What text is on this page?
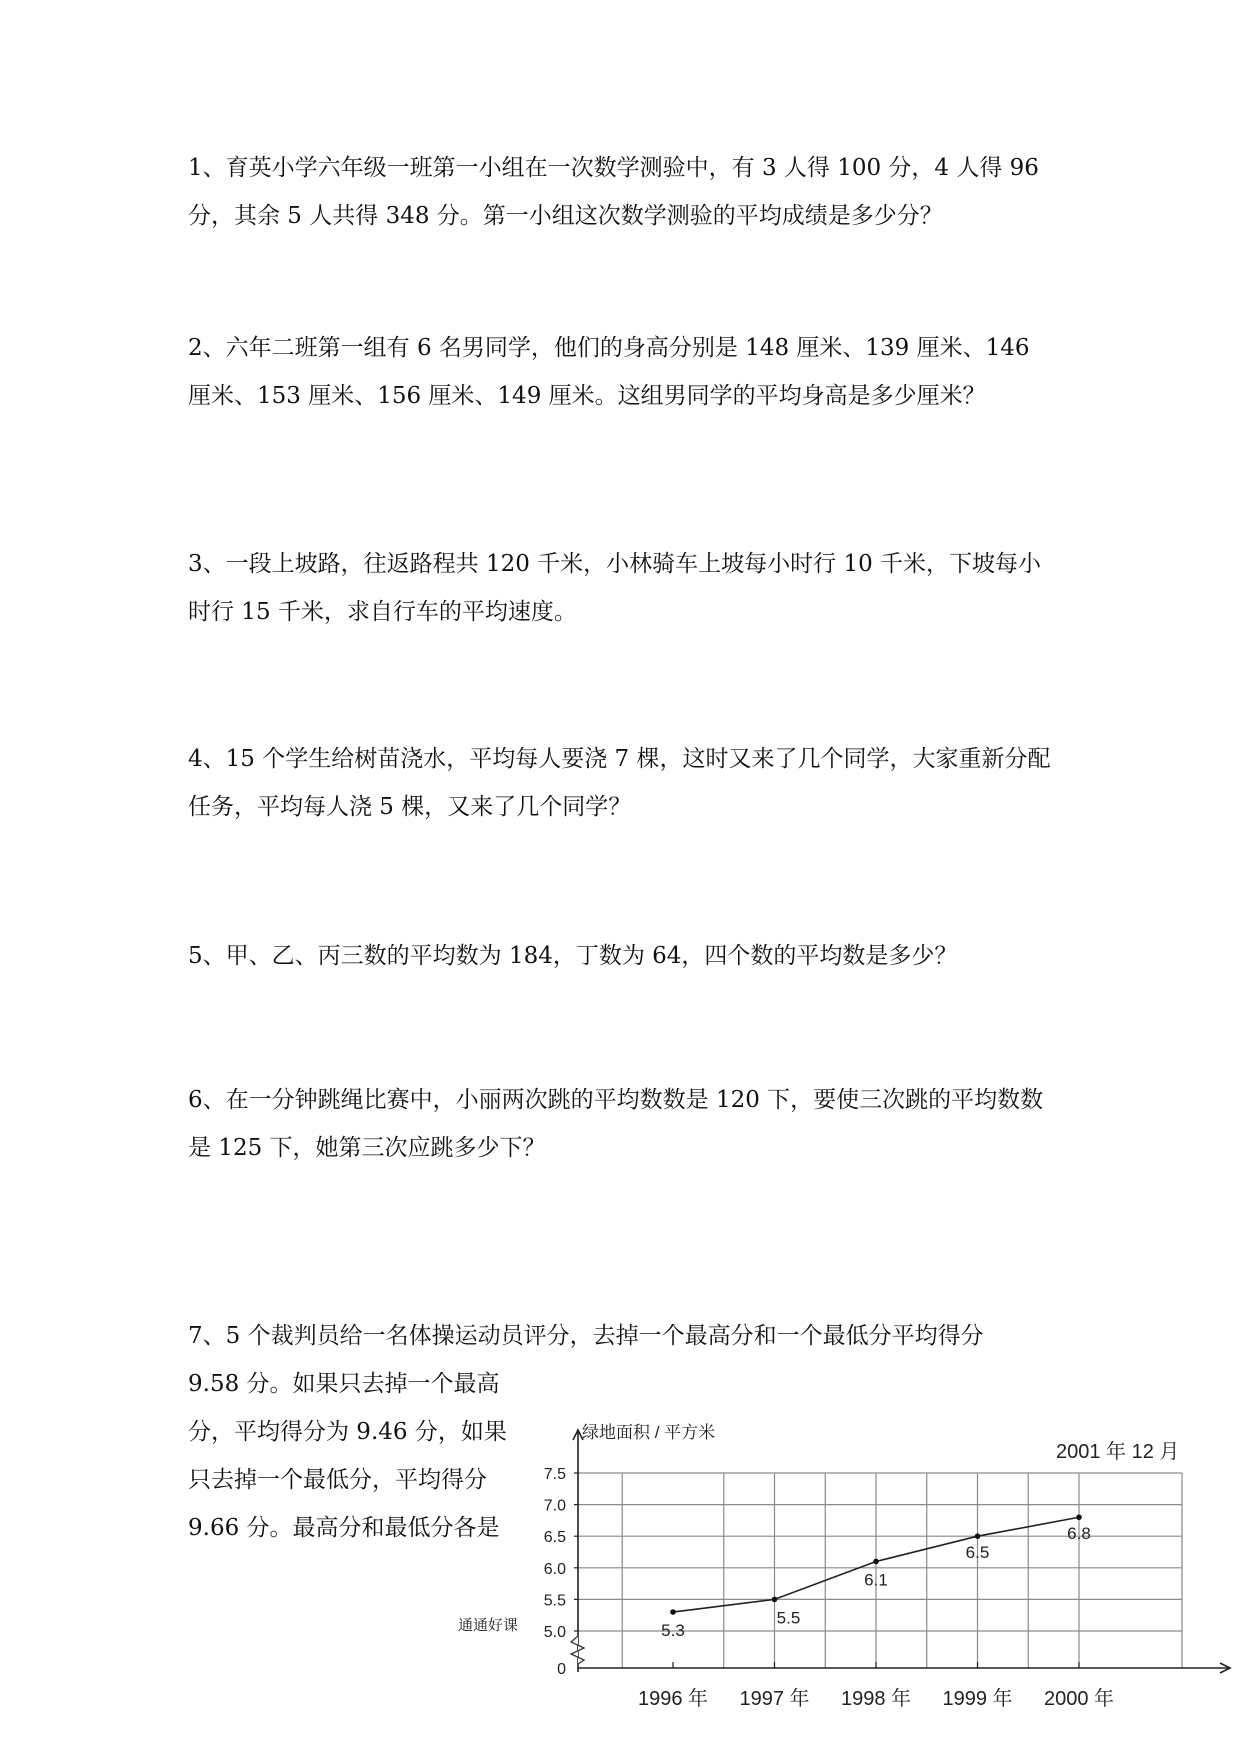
1、育英小学六年级一班第一小组在一次数学测验中，有 3 人得 100 分，4 人得 96 分，其余 5 人共得 348 分。第一小组这次数学测验的平均成绩是多少分？

2、六年二班第一组有 6 名男同学，他们的身高分别是 148 厘米、139 厘米、146 厘米、153 厘米、156 厘米、149 厘米。这组男同学的平均身高是多少厘米？

3、一段上坡路，往返路程共 120 千米，小林骑车上坡每小时行 10 千米，下坡每小时行 15 千米，求自行车的平均速度。

4、15 个学生给树苗浇水，平均每人要浇 7 棵，这时又来了几个同学，大家重新分配任务，平均每人浇 5 棵，又来了几个同学？

5、甲、乙、丙三数的平均数为 184，丁数为 64，四个数的平均数是多少？

6、在一分钟跳绳比赛中，小丽两次跳的平均数数是 120 下，要使三次跳的平均数数是 125 下，她第三次应跳多少下？

7、5 个裁判员给一名体操运动员评分，去掉一个最高分和一个最低分平均得分

9.58 分。如果只去掉一个最高

分，平均得分为 9.46 分，如果

只去掉一个最低分，平均得分

9.66 分。最高分和最低分各是

通通好课
0
5.0
5.5
6.0
6.5
7.0
7.5
1996 年 1997 年 1998 年 1999 年 2000 年
5.3
5.5
6.1
6.5
6.8
绿地面积 / 平方米
2001 年 12 月
